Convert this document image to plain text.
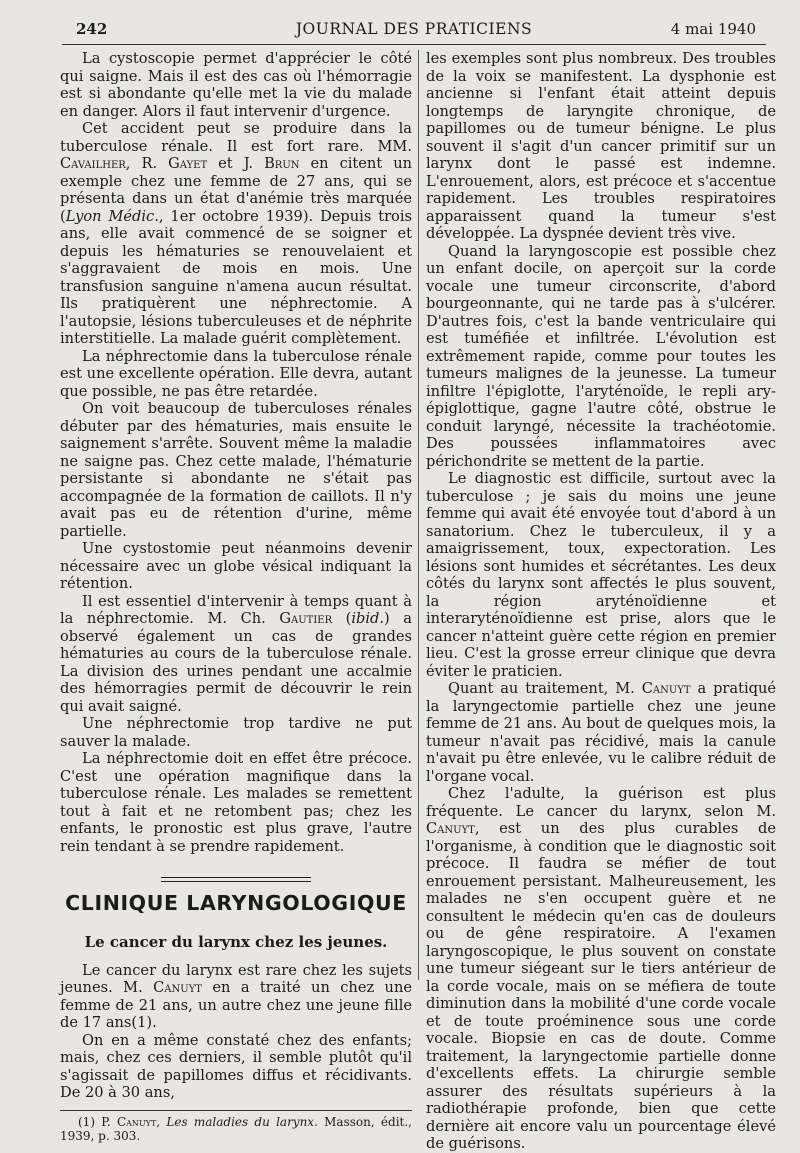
242	JOURNAL DES PRATICIENS	4 mai 1940

La cystoscopie permet d'apprécier le côté qui saigne. Mais il est des cas où l'hémorragie est si abondante qu'elle met la vie du malade en danger. Alors il faut intervenir d'urgence.

Cet accident peut se produire dans la tuberculose rénale. Il est fort rare. MM. Cavailher, R. Gayet et J. Brun en citent un exemple chez une femme de 27 ans, qui se présenta dans un état d'anémie très marquée (Lyon Médic., 1er octobre 1939). Depuis trois ans, elle avait commencé de se soigner et depuis les hématuries se renouvelaient et s'aggravaient de mois en mois. Une transfusion sanguine n'amena aucun résultat. Ils pratiquèrent une néphrectomie. A l'autopsie, lésions tuberculeuses et de néphrite interstitielle. La malade guérit complètement.

La néphrectomie dans la tuberculose rénale est une excellente opération. Elle devra, autant que possible, ne pas être retardée.

On voit beaucoup de tuberculoses rénales débuter par des hématuries, mais ensuite le saignement s'arrête. Souvent même la maladie ne saigne pas. Chez cette malade, l'hématurie persistante si abondante ne s'était pas accompagnée de la formation de caillots. Il n'y avait pas eu de rétention d'urine, même partielle.

Une cystostomie peut néanmoins devenir nécessaire avec un globe vésical indiquant la rétention.

Il est essentiel d'intervenir à temps quant à la néphrectomie. M. Ch. Gautier (ibid.) a observé également un cas de grandes hématuries au cours de la tuberculose rénale. La division des urines pendant une accalmie des hémorragies permit de découvrir le rein qui avait saigné.

Une néphrectomie trop tardive ne put sauver la malade.

La néphrectomie doit en effet être précoce. C'est une opération magnifique dans la tuberculose rénale. Les malades se remettent tout à fait et ne retombent pas; chez les enfants, le pronostic est plus grave, l'autre rein tendant à se prendre rapidement.

CLINIQUE LARYNGOLOGIQUE
Le cancer du larynx chez les jeunes.

Le cancer du larynx est rare chez les sujets jeunes. M. Canuyt en a traité un chez une femme de 21 ans, un autre chez une jeune fille de 17 ans(1).

On en a même constaté chez des enfants; mais, chez ces derniers, il semble plutôt qu'il s'agissait de papillomes diffus et récidivants. De 20 à 30 ans,

(1) P. Canuyt, Les maladies du larynx. Masson, édit., 1939, p. 303.

les exemples sont plus nombreux. Des troubles de la voix se manifestent. La dysphonie est ancienne si l'enfant était atteint depuis longtemps de laryngite chronique, de papillomes ou de tumeur bénigne. Le plus souvent il s'agit d'un cancer primitif sur un larynx dont le passé est indemne. L'enrouement, alors, est précoce et s'accentue rapidement. Les troubles respiratoires apparaissent quand la tumeur s'est développée. La dyspnée devient très vive.

Quand la laryngoscopie est possible chez un enfant docile, on aperçoit sur la corde vocale une tumeur circonscrite, d'abord bourgeonnante, qui ne tarde pas à s'ulcérer. D'autres fois, c'est la bande ventriculaire qui est tuméfiée et infiltrée. L'évolution est extrêmement rapide, comme pour toutes les tumeurs malignes de la jeunesse. La tumeur infiltre l'épiglotte, l'aryténoïde, le repli ary-épiglottique, gagne l'autre côté, obstrue le conduit laryngé, nécessite la trachéotomie. Des poussées inflammatoires avec périchondrite se mettent de la partie.

Le diagnostic est difficile, surtout avec la tuberculose ; je sais du moins une jeune femme qui avait été envoyée tout d'abord à un sanatorium. Chez le tuberculeux, il y a amaigrissement, toux, expectoration. Les lésions sont humides et sécrétantes. Les deux côtés du larynx sont affectés le plus souvent, la région aryténoïdienne et interaryténoïdienne est prise, alors que le cancer n'atteint guère cette région en premier lieu. C'est la grosse erreur clinique que devra éviter le praticien.

Quant au traitement, M. Canuyt a pratiqué la laryngectomie partielle chez une jeune femme de 21 ans. Au bout de quelques mois, la tumeur n'avait pas récidivé, mais la canule n'avait pu être enlevée, vu le calibre réduit de l'organe vocal.

Chez l'adulte, la guérison est plus fréquente. Le cancer du larynx, selon M. Canuyt, est un des plus curables de l'organisme, à condition que le diagnostic soit précoce. Il faudra se méfier de tout enrouement persistant. Malheureusement, les malades ne s'en occupent guère et ne consultent le médecin qu'en cas de douleurs ou de gêne respiratoire. A l'examen laryngoscopique, le plus souvent on constate une tumeur siégeant sur le tiers antérieur de la corde vocale, mais on se méfiera de toute diminution dans la mobilité d'une corde vocale et de toute proéminence sous une corde vocale. Biopsie en cas de doute. Comme traitement, la laryngectomie partielle donne d'excellents effets. La chirurgie semble assurer des résultats supérieurs à la radiothérapie profonde, bien que cette dernière ait encore valu un pourcentage élevé de guérisons.
